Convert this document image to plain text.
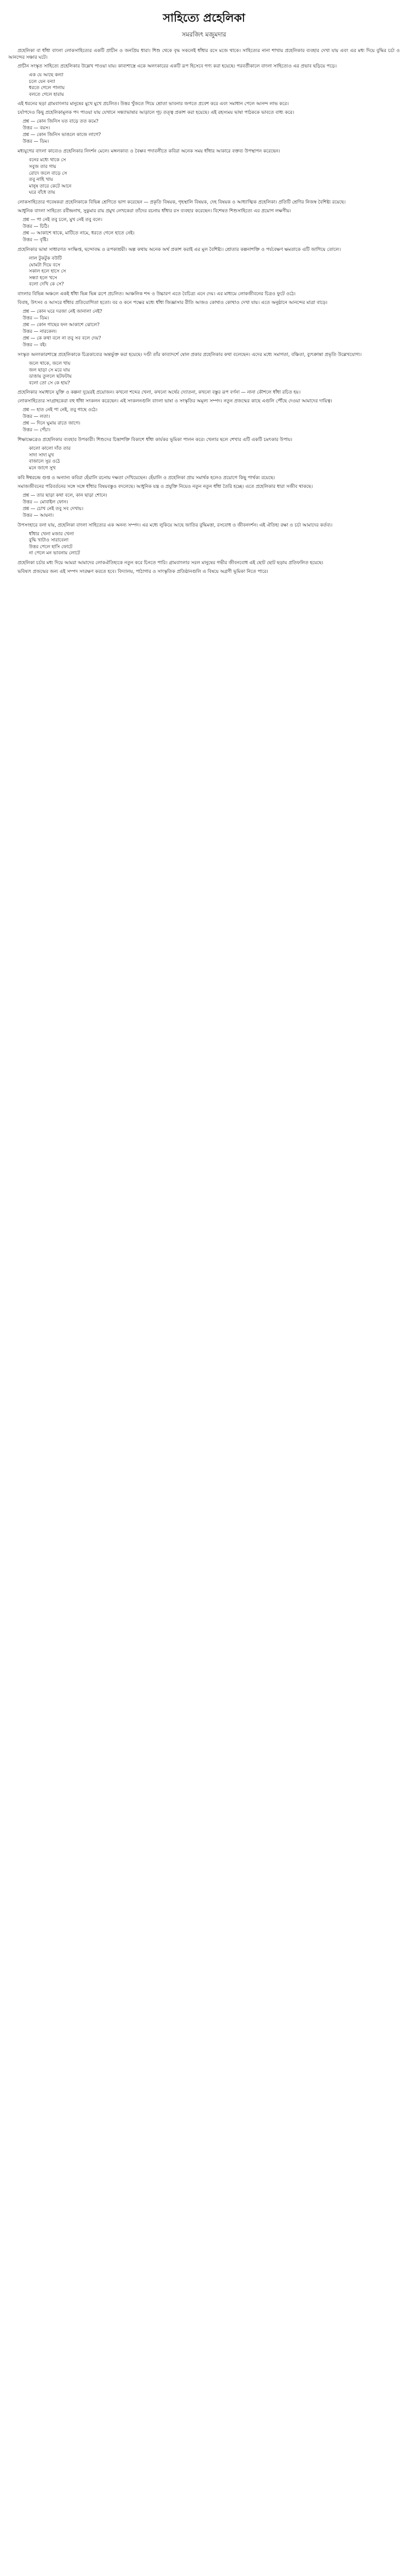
সাহিত্যে প্রহেলিকা
সমরজিৎ মজুমদার

প্রহেলিকা বা ধাঁধা বাংলা লোকসাহিত্যের একটি প্রাচীন ও জনপ্রিয় ধারা। শিশু থেকে বৃদ্ধ সকলেই ধাঁধার রসে মজে থাকে। সাহিত্যের নানা শাখায় প্রহেলিকার ব্যবহার দেখা যায় এবং এর মধ্য দিয়ে বুদ্ধির চর্চা ও আনন্দের সঞ্চার ঘটে।

প্রাচীন সংস্কৃত সাহিত্যে প্রহেলিকার উল্লেখ পাওয়া যায়। কাব্যশাস্ত্রে একে অলংকারের একটি রূপ হিসেবে গণ্য করা হয়েছে। পরবর্তীকালে বাংলা সাহিত্যেও এর প্রভাব ছড়িয়ে পড়ে।

এক যে আছে কন্যা
চলে যেন বন্যা
ধরতে গেলে পালায়
বলতে গেলে হারায়

এই ধরনের ছড়া গ্রামবাংলার মানুষের মুখে মুখে প্রচলিত। উত্তর খুঁজতে গিয়ে শ্রোতা ভাবনার জগতে প্রবেশ করে এবং সমাধান পেলে আনন্দ লাভ করে।

চর্যাপদেও কিছু প্রহেলিকামূলক পদ পাওয়া যায় যেখানে সন্ধ্যাভাষার আড়ালে গূঢ় তত্ত্ব প্রকাশ করা হয়েছে। এই রহস্যময় ভাষা পাঠককে ভাবতে বাধ্য করে।

প্রশ্ন — কোন জিনিস যত বাড়ে তত কমে?
উত্তর — বয়স।
প্রশ্ন — কোন জিনিস ভাঙলে কাজে লাগে?
উত্তর — ডিম।

মধ্যযুগের বাংলা কাব্যেও প্রহেলিকার নিদর্শন মেলে। মঙ্গলকাব্য ও বৈষ্ণব পদাবলীতে কবিরা অনেক সময় ধাঁধার আকারে বক্তব্য উপস্থাপন করেছেন।

বনের মধ্যে থাকে সে
সবুজ তার গায়
রোদে জলে বাড়ে সে
তবু নাহি খায়
মানুষ তারে কেটে আনে
ঘরে বাঁধে তায়

লোকসাহিত্যের গবেষকরা প্রহেলিকাকে বিভিন্ন শ্রেণিতে ভাগ করেছেন — প্রকৃতি বিষয়ক, গৃহস্থালি বিষয়ক, দেহ বিষয়ক ও আধ্যাত্মিক প্রহেলিকা। প্রতিটি শ্রেণির নিজস্ব বৈশিষ্ট্য রয়েছে।

আধুনিক বাংলা সাহিত্যে রবীন্দ্রনাথ, সুকুমার রায় প্রমুখ লেখকেরা তাঁদের রচনায় ধাঁধার রস ব্যবহার করেছেন। বিশেষত শিশুসাহিত্যে এর প্রয়োগ লক্ষণীয়।

প্রশ্ন — পা নেই তবু চলে, মুখ নেই তবু বলে।
উত্তর — চিঠি।
প্রশ্ন — আকাশে থাকে, মাটিতে নামে, ধরতে গেলে হাতে নেই।
উত্তর — বৃষ্টি।

প্রহেলিকার ভাষা সাধারণত সংক্ষিপ্ত, ছন্দোবদ্ধ ও রূপকাশ্রয়ী। অল্প কথায় অনেক অর্থ প্রকাশ করাই এর মূল বৈশিষ্ট্য। শ্রোতার কল্পনাশক্তি ও পর্যবেক্ষণ ক্ষমতাকে এটি জাগিয়ে তোলে।

লাল টুকটুক বউটি
ঘোমটা দিয়ে বসে
সকাল হলে হাসে সে
সন্ধ্যা হলে খসে
বলো দেখি কে সে?

বাংলার বিভিন্ন অঞ্চলে একই ধাঁধা ভিন্ন ভিন্ন রূপে প্রচলিত। আঞ্চলিক শব্দ ও উচ্চারণ এতে বৈচিত্র্য এনে দেয়। এর মাধ্যমে লোকজীবনের চিত্রও ফুটে ওঠে।

বিবাহ, উৎসব ও আসরে ধাঁধার প্রতিযোগিতা হতো। বর ও কনে পক্ষের মধ্যে ধাঁধা জিজ্ঞাসার রীতি আজও কোথাও কোথাও দেখা যায়। এতে অনুষ্ঠানে আনন্দের মাত্রা বাড়ে।

প্রশ্ন — কোন ঘরে দরজা নেই জানালা নেই?
উত্তর — ডিম।
প্রশ্ন — কোন গাছের ফল আকাশে ঝোলে?
উত্তর — নারকেল।
প্রশ্ন — কে কথা বলে না তবু সব বলে দেয়?
উত্তর — বই।

সংস্কৃত অলংকারশাস্ত্রে প্রহেলিকাকে চিত্রকাব্যের অন্তর্ভুক্ত করা হয়েছে। দণ্ডী তাঁর কাব্যাদর্শে ষোল প্রকার প্রহেলিকার কথা বলেছেন। এদের মধ্যে সমাগতা, বঞ্চিতা, ব্যুৎক্রান্তা প্রভৃতি উল্লেখযোগ্য।

জলে থাকে, জলে খায়
জল ছাড়া সে মরে যায়
ডাঙায় তুললে ছটফটায়
বলো তো সে কে হায়?

প্রহেলিকার সমাধানে যুক্তি ও কল্পনা দুয়েরই প্রয়োজন। কখনো শব্দের খেলা, কখনো অর্থের দ্যোতনা, কখনো বস্তুর রূপ বর্ণনা — নানা কৌশলে ধাঁধা রচিত হয়।

লোকসাহিত্যের সংগ্রাহকেরা বহু ধাঁধা সংকলন করেছেন। এই সংকলনগুলি বাংলা ভাষা ও সংস্কৃতির অমূল্য সম্পদ। নতুন প্রজন্মের কাছে এগুলি পৌঁছে দেওয়া আমাদের দায়িত্ব।

প্রশ্ন — হাত নেই পা নেই, তবু গাছে ওঠে।
উত্তর — লতা।
প্রশ্ন — দিনে ঘুমায় রাতে জাগে।
উত্তর — পেঁচা।

শিক্ষাক্ষেত্রেও প্রহেলিকার ব্যবহার উপকারী। শিশুদের চিন্তাশক্তি বিকাশে ধাঁধা কার্যকর ভূমিকা পালন করে। খেলার ছলে শেখার এটি একটি চমৎকার উপায়।

কালো কালো দাঁত তার
সাদা সাদা মুখ
বাজালে সুর ওঠে
মনে জাগে সুখ

কবি ঈশ্বরচন্দ্র গুপ্ত ও অন্যান্য কবিরা হেঁয়ালি রচনায় দক্ষতা দেখিয়েছেন। হেঁয়ালি ও প্রহেলিকা প্রায় সমার্থক হলেও প্রয়োগে কিছু পার্থক্য রয়েছে।

সমাজজীবনের পরিবর্তনের সঙ্গে সঙ্গে ধাঁধার বিষয়বস্তুও বদলেছে। আধুনিক যন্ত্র ও প্রযুক্তি নিয়েও নতুন নতুন ধাঁধা তৈরি হচ্ছে। এতে প্রহেলিকার ধারা সজীব থাকছে।

প্রশ্ন — তার ছাড়া কথা বলে, কান ছাড়া শোনে।
উত্তর — মোবাইল ফোন।
প্রশ্ন — চোখ নেই তবু সব দেখায়।
উত্তর — আয়না।

উপসংহারে বলা যায়, প্রহেলিকা বাংলা সাহিত্যের এক অনন্য সম্পদ। এর মধ্যে লুকিয়ে আছে জাতির বুদ্ধিমত্তা, রসবোধ ও জীবনদর্শন। এই ঐতিহ্য রক্ষা ও চর্চা আমাদের কর্তব্য।

ধাঁধার খেলা মজার খেলা
বুদ্ধি খাটাও সারাবেলা
উত্তর পেলে হাসি ফোটে
না পেলে মন ভাবনায় লোটে

প্রহেলিকা চর্চার মধ্য দিয়ে আমরা আমাদের লোকঐতিহ্যকে নতুন করে চিনতে পারি। গ্রামবাংলার সরল মানুষের গভীর জীবনবোধ এই ছোট ছোট ছড়ায় প্রতিফলিত হয়েছে।

ভবিষ্যৎ প্রজন্মের জন্য এই সম্পদ সংরক্ষণ করতে হবে। বিদ্যালয়, পাঠাগার ও সাংস্কৃতিক প্রতিষ্ঠানগুলি এ বিষয়ে অগ্রণী ভূমিকা নিতে পারে।
